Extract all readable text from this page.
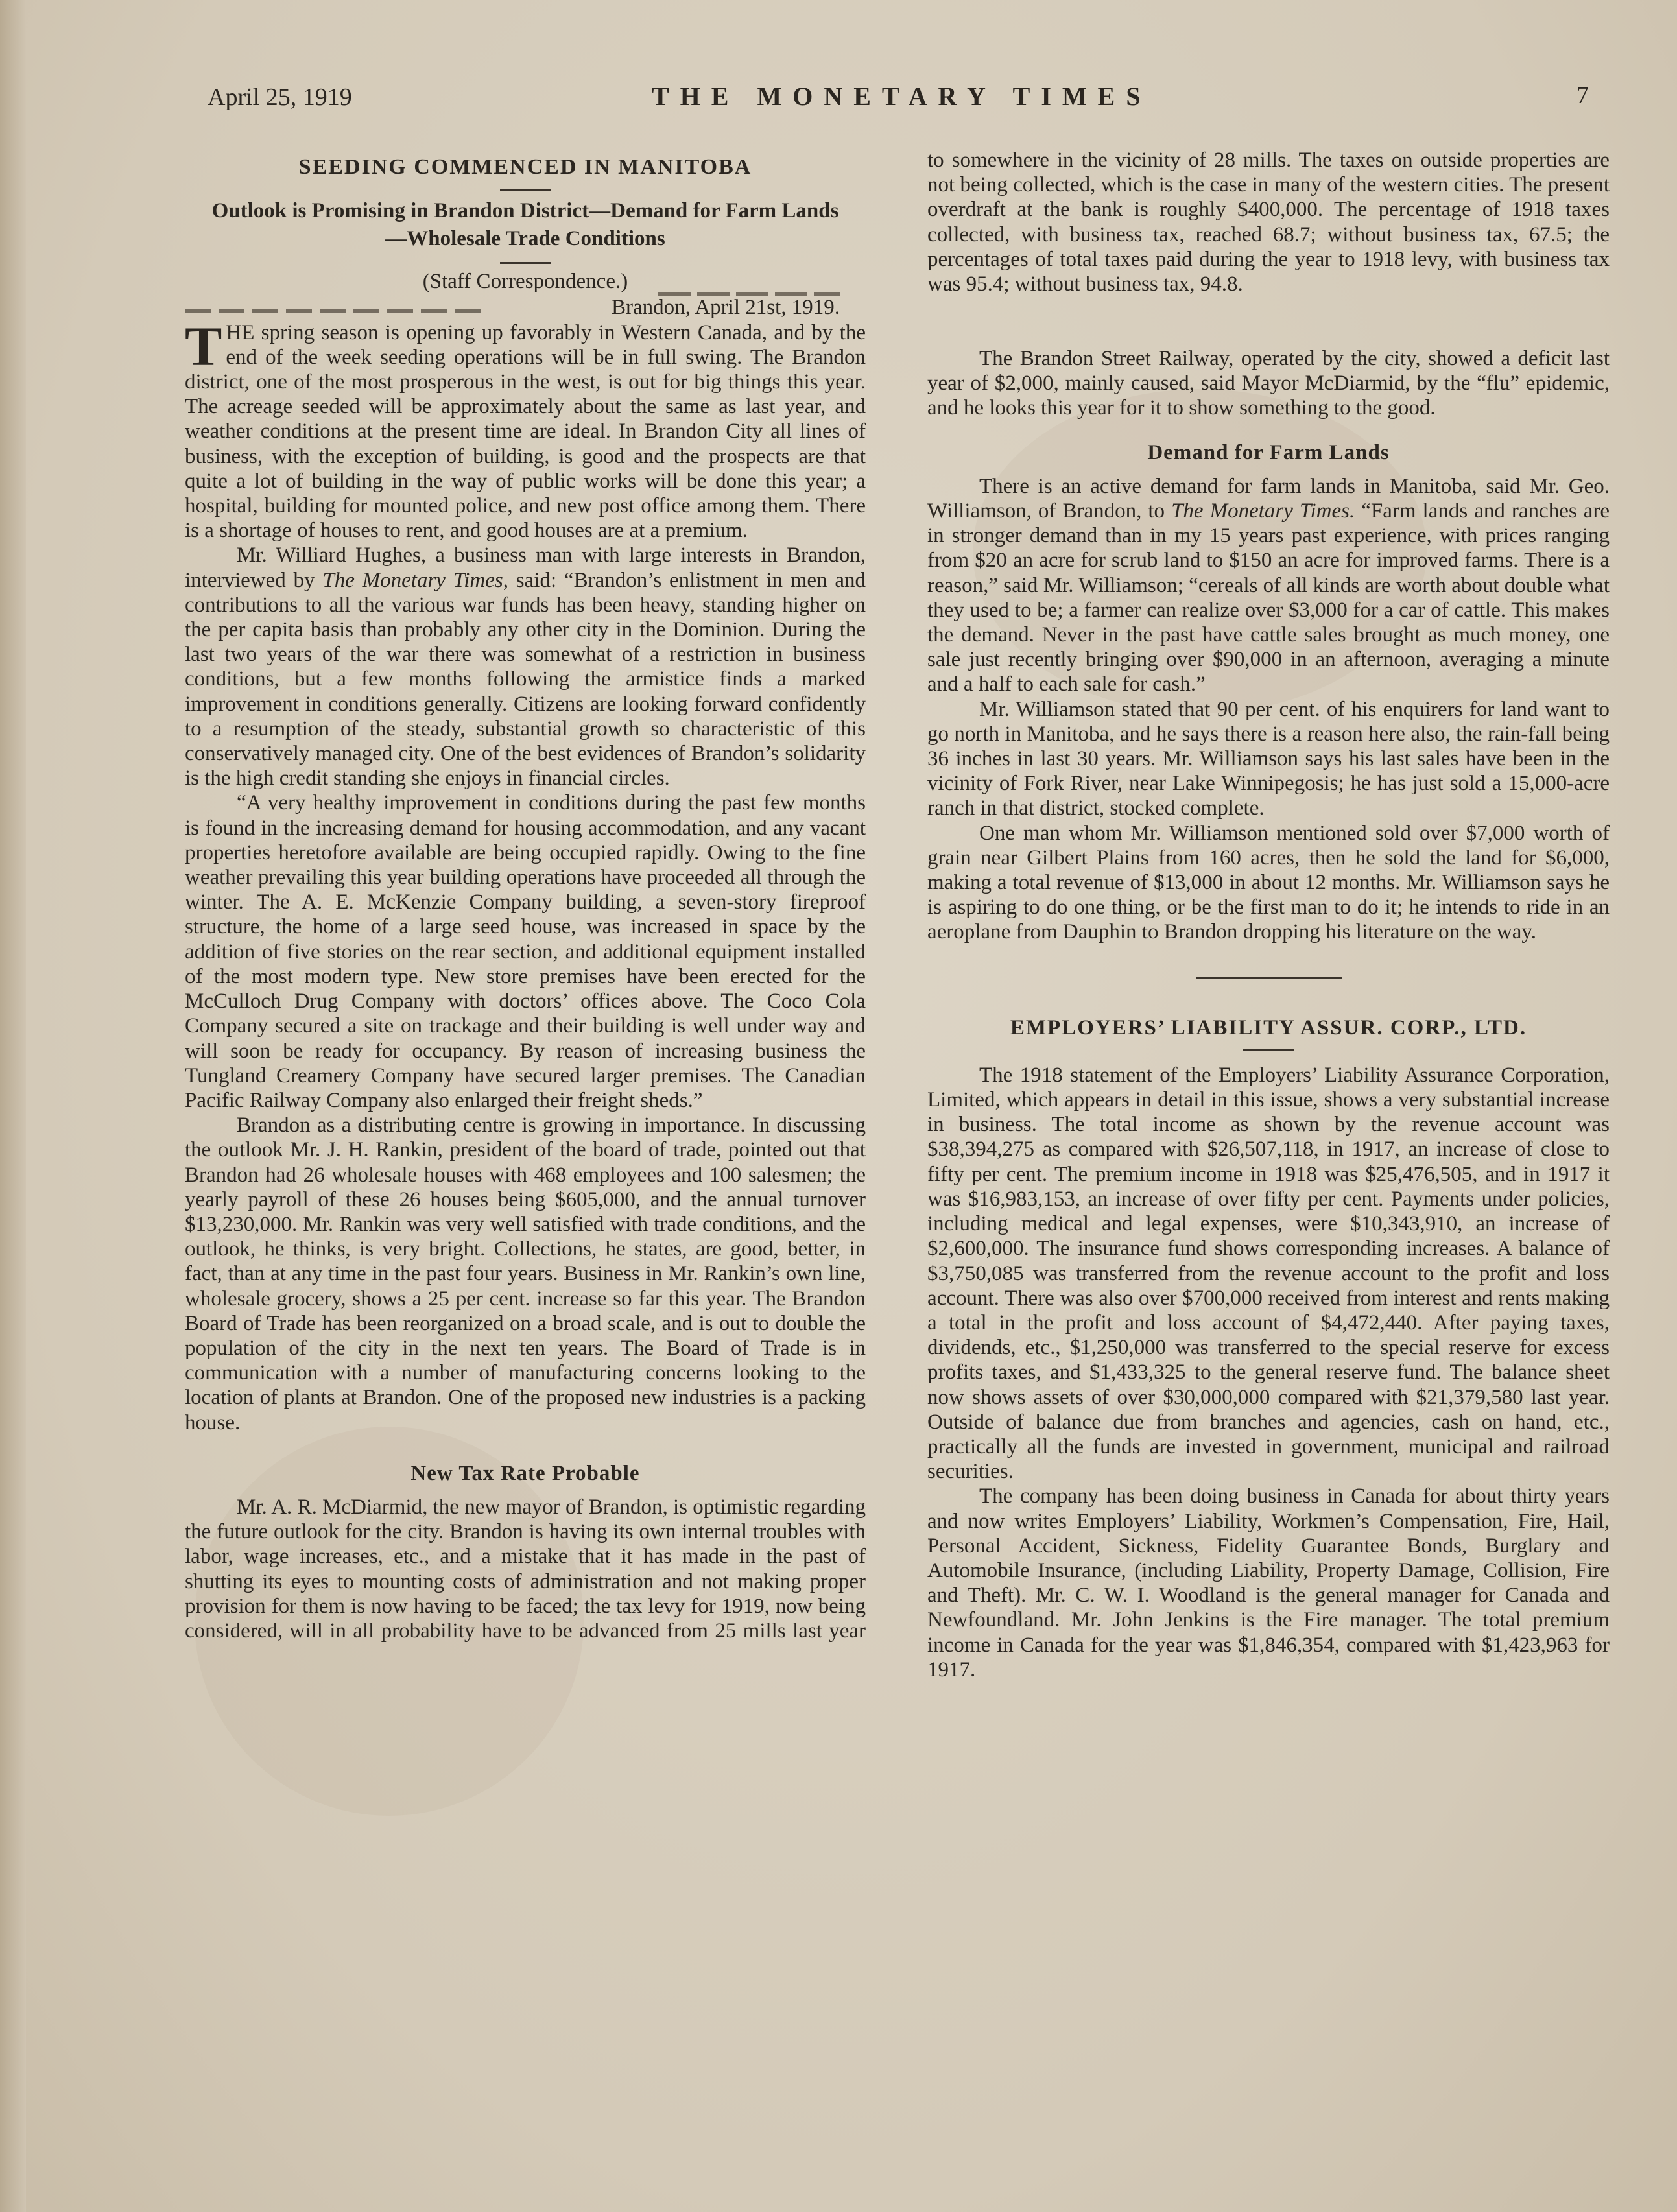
April 25, 1919	THE MONETARY TIMES	7
SEEDING COMMENCED IN MANITOBA
Outlook is Promising in Brandon District—Demand for Farm Lands—Wholesale Trade Conditions
(Staff Correspondence.)
Brandon, April 21st, 1919.

THE spring season is opening up favorably in Western Canada, and by the end of the week seeding operations will be in full swing. The Brandon district, one of the most prosperous in the west, is out for big things this year. The acreage seeded will be approximately about the same as last year, and weather conditions at the present time are ideal. In Brandon City all lines of business, with the exception of building, is good and the prospects are that quite a lot of building in the way of public works will be done this year; a hospital, building for mounted police, and new post office among them. There is a shortage of houses to rent, and good houses are at a premium.

Mr. Williard Hughes, a business man with large interests in Brandon, interviewed by The Monetary Times, said: “Brandon’s enlistment in men and contributions to all the various war funds has been heavy, standing higher on the per capita basis than probably any other city in the Dominion. During the last two years of the war there was somewhat of a restriction in business conditions, but a few months following the armistice finds a marked improvement in conditions generally. Citizens are looking forward confidently to a resumption of the steady, substantial growth so characteristic of this conservatively managed city. One of the best evidences of Brandon’s solidarity is the high credit standing she enjoys in financial circles.

“A very healthy improvement in conditions during the past few months is found in the increasing demand for housing accommodation, and any vacant properties heretofore available are being occupied rapidly. Owing to the fine weather prevailing this year building operations have proceeded all through the winter. The A. E. McKenzie Company building, a seven-story fireproof structure, the home of a large seed house, was increased in space by the addition of five stories on the rear section, and additional equipment installed of the most modern type. New store premises have been erected for the McCulloch Drug Company with doctors’ offices above. The Coco Cola Company secured a site on trackage and their building is well under way and will soon be ready for occupancy. By reason of increasing business the Tungland Creamery Company have secured larger premises. The Canadian Pacific Railway Company also enlarged their freight sheds.”

Brandon as a distributing centre is growing in importance. In discussing the outlook Mr. J. H. Rankin, president of the board of trade, pointed out that Brandon had 26 wholesale houses with 468 employees and 100 salesmen; the yearly payroll of these 26 houses being $605,000, and the annual turnover $13,230,000. Mr. Rankin was very well satisfied with trade conditions, and the outlook, he thinks, is very bright. Collections, he states, are good, better, in fact, than at any time in the past four years. Business in Mr. Rankin’s own line, wholesale grocery, shows a 25 per cent. increase so far this year. The Brandon Board of Trade has been reorganized on a broad scale, and is out to double the population of the city in the next ten years. The Board of Trade is in communication with a number of manufacturing concerns looking to the location of plants at Brandon. One of the proposed new industries is a packing house.

New Tax Rate Probable

Mr. A. R. McDiarmid, the new mayor of Brandon, is optimistic regarding the future outlook for the city. Brandon is having its own internal troubles with labor, wage increases, etc., and a mistake that it has made in the past of shutting its eyes to mounting costs of administration and not making proper provision for them is now having to be faced; the tax levy for 1919, now being considered, will in all probability have to be advanced from 25 mills last year

to somewhere in the vicinity of 28 mills. The taxes on outside properties are not being collected, which is the case in many of the western cities. The present overdraft at the bank is roughly $400,000. The percentage of 1918 taxes collected, with business tax, reached 68.7; without business tax, 67.5; the percentages of total taxes paid during the year to 1918 levy, with business tax was 95.4; without business tax, 94.8.

The Brandon Street Railway, operated by the city, showed a deficit last year of $2,000, mainly caused, said Mayor McDiarmid, by the “flu” epidemic, and he looks this year for it to show something to the good.

Demand for Farm Lands

There is an active demand for farm lands in Manitoba, said Mr. Geo. Williamson, of Brandon, to The Monetary Times. “Farm lands and ranches are in stronger demand than in my 15 years past experience, with prices ranging from $20 an acre for scrub land to $150 an acre for improved farms. There is a reason,” said Mr. Williamson; “cereals of all kinds are worth about double what they used to be; a farmer can realize over $3,000 for a car of cattle. This makes the demand. Never in the past have cattle sales brought as much money, one sale just recently bringing over $90,000 in an afternoon, averaging a minute and a half to each sale for cash.”

Mr. Williamson stated that 90 per cent. of his enquirers for land want to go north in Manitoba, and he says there is a reason here also, the rain-fall being 36 inches in last 30 years. Mr. Williamson says his last sales have been in the vicinity of Fork River, near Lake Winnipegosis; he has just sold a 15,000-acre ranch in that district, stocked complete.

One man whom Mr. Williamson mentioned sold over $7,000 worth of grain near Gilbert Plains from 160 acres, then he sold the land for $6,000, making a total revenue of $13,000 in about 12 months. Mr. Williamson says he is aspiring to do one thing, or be the first man to do it; he intends to ride in an aeroplane from Dauphin to Brandon dropping his literature on the way.

EMPLOYERS’ LIABILITY ASSUR. CORP., LTD.

The 1918 statement of the Employers’ Liability Assurance Corporation, Limited, which appears in detail in this issue, shows a very substantial increase in business. The total income as shown by the revenue account was $38,394,275 as compared with $26,507,118, in 1917, an increase of close to fifty per cent. The premium income in 1918 was $25,476,505, and in 1917 it was $16,983,153, an increase of over fifty per cent. Payments under policies, including medical and legal expenses, were $10,343,910, an increase of $2,600,000. The insurance fund shows corresponding increases. A balance of $3,750,085 was transferred from the revenue account to the profit and loss account. There was also over $700,000 received from interest and rents making a total in the profit and loss account of $4,472,440. After paying taxes, dividends, etc., $1,250,000 was transferred to the special reserve for excess profits taxes, and $1,433,325 to the general reserve fund. The balance sheet now shows assets of over $30,000,000 compared with $21,379,580 last year. Outside of balance due from branches and agencies, cash on hand, etc., practically all the funds are invested in government, municipal and railroad securities.

The company has been doing business in Canada for about thirty years and now writes Employers’ Liability, Workmen’s Compensation, Fire, Hail, Personal Accident, Sickness, Fidelity Guarantee Bonds, Burglary and Automobile Insurance, (including Liability, Property Damage, Collision, Fire and Theft). Mr. C. W. I. Woodland is the general manager for Canada and Newfoundland. Mr. John Jenkins is the Fire manager. The total premium income in Canada for the year was $1,846,354, compared with $1,423,963 for 1917.
